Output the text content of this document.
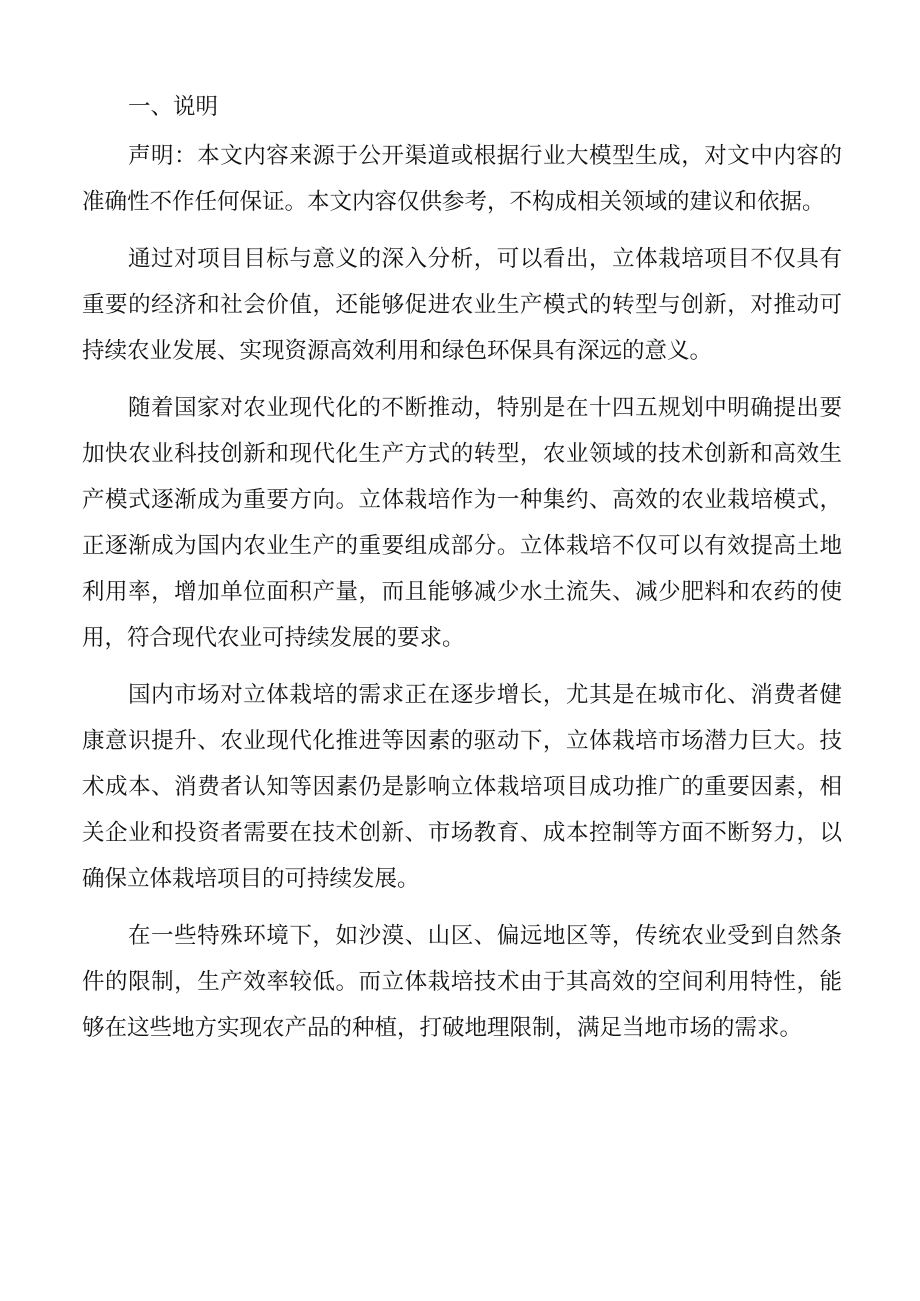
一、说明

声明：本文内容来源于公开渠道或根据行业大模型生成，对文中内容的准确性不作任何保证。本文内容仅供参考，不构成相关领域的建议和依据。

通过对项目目标与意义的深入分析，可以看出，立体栽培项目不仅具有重要的经济和社会价值，还能够促进农业生产模式的转型与创新，对推动可持续农业发展、实现资源高效利用和绿色环保具有深远的意义。

随着国家对农业现代化的不断推动，特别是在十四五规划中明确提出要加快农业科技创新和现代化生产方式的转型，农业领域的技术创新和高效生产模式逐渐成为重要方向。立体栽培作为一种集约、高效的农业栽培模式，正逐渐成为国内农业生产的重要组成部分。立体栽培不仅可以有效提高土地利用率，增加单位面积产量，而且能够减少水土流失、减少肥料和农药的使用，符合现代农业可持续发展的要求。

国内市场对立体栽培的需求正在逐步增长，尤其是在城市化、消费者健康意识提升、农业现代化推进等因素的驱动下，立体栽培市场潜力巨大。技术成本、消费者认知等因素仍是影响立体栽培项目成功推广的重要因素，相关企业和投资者需要在技术创新、市场教育、成本控制等方面不断努力，以确保立体栽培项目的可持续发展。

在一些特殊环境下，如沙漠、山区、偏远地区等，传统农业受到自然条件的限制，生产效率较低。而立体栽培技术由于其高效的空间利用特性，能够在这些地方实现农产品的种植，打破地理限制，满足当地市场的需求。
